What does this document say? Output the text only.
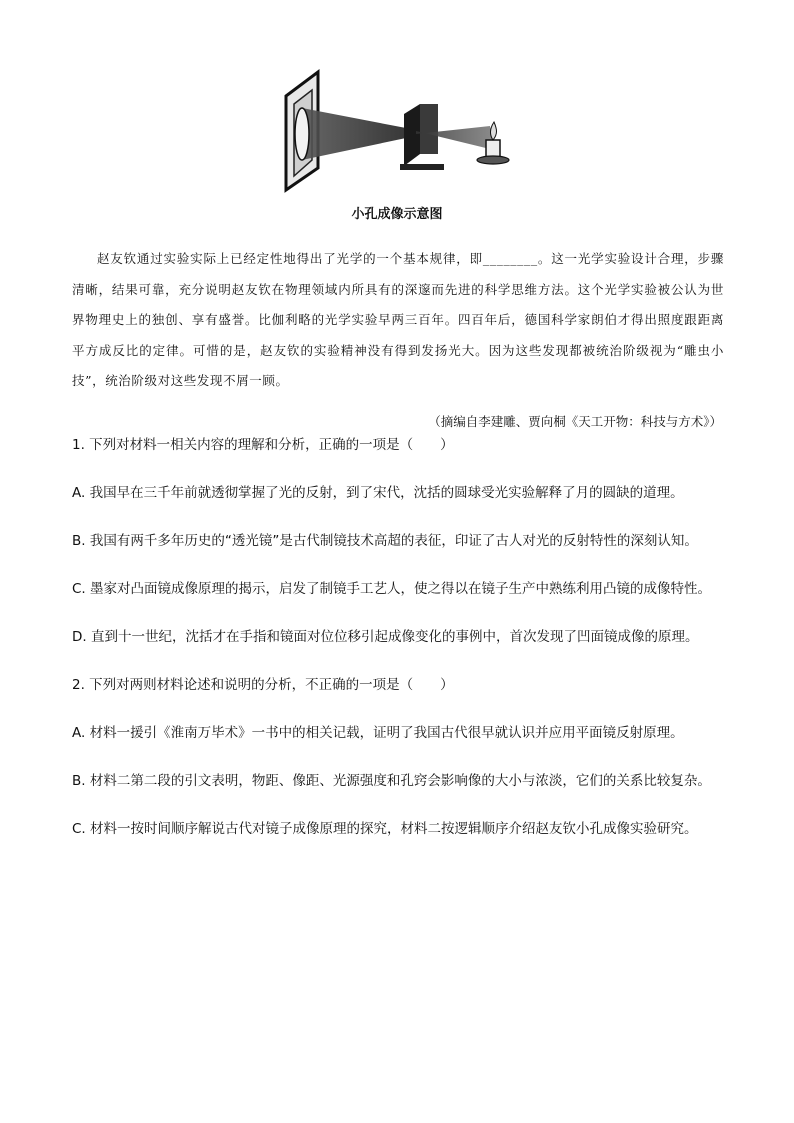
小孔成像示意图

赵友钦通过实验实际上已经定性地得出了光学的一个基本规律，即________。这一光学实验设计合理，步骤清晰，结果可靠，充分说明赵友钦在物理领域内所具有的深邃而先进的科学思维方法。这个光学实验被公认为世界物理史上的独创、享有盛誉。比伽利略的光学实验早两三百年。四百年后，德国科学家朗伯才得出照度跟距离平方成反比的定律。可惜的是，赵友钦的实验精神没有得到发扬光大。因为这些发现都被统治阶级视为“雕虫小技”，统治阶级对这些发现不屑一顾。

（摘编自李建雕、贾向桐《天工开物：科技与方术》）
1. 下列对材料一相关内容的理解和分析，正确的一项是（　　）
A. 我国早在三千年前就透彻掌握了光的反射，到了宋代，沈括的圆球受光实验解释了月的圆缺的道理。
B. 我国有两千多年历史的“透光镜”是古代制镜技术高超的表征，印证了古人对光的反射特性的深刻认知。
C. 墨家对凸面镜成像原理的揭示，启发了制镜手工艺人，使之得以在镜子生产中熟练利用凸镜的成像特性。
D. 直到十一世纪，沈括才在手指和镜面对位位移引起成像变化的事例中，首次发现了凹面镜成像的原理。
2. 下列对两则材料论述和说明的分析，不正确的一项是（　　）
A. 材料一援引《淮南万毕术》一书中的相关记载，证明了我国古代很早就认识并应用平面镜反射原理。
B. 材料二第二段的引文表明，物距、像距、光源强度和孔窍会影响像的大小与浓淡，它们的关系比较复杂。
C. 材料一按时间顺序解说古代对镜子成像原理的探究，材料二按逻辑顺序介绍赵友钦小孔成像实验研究。
